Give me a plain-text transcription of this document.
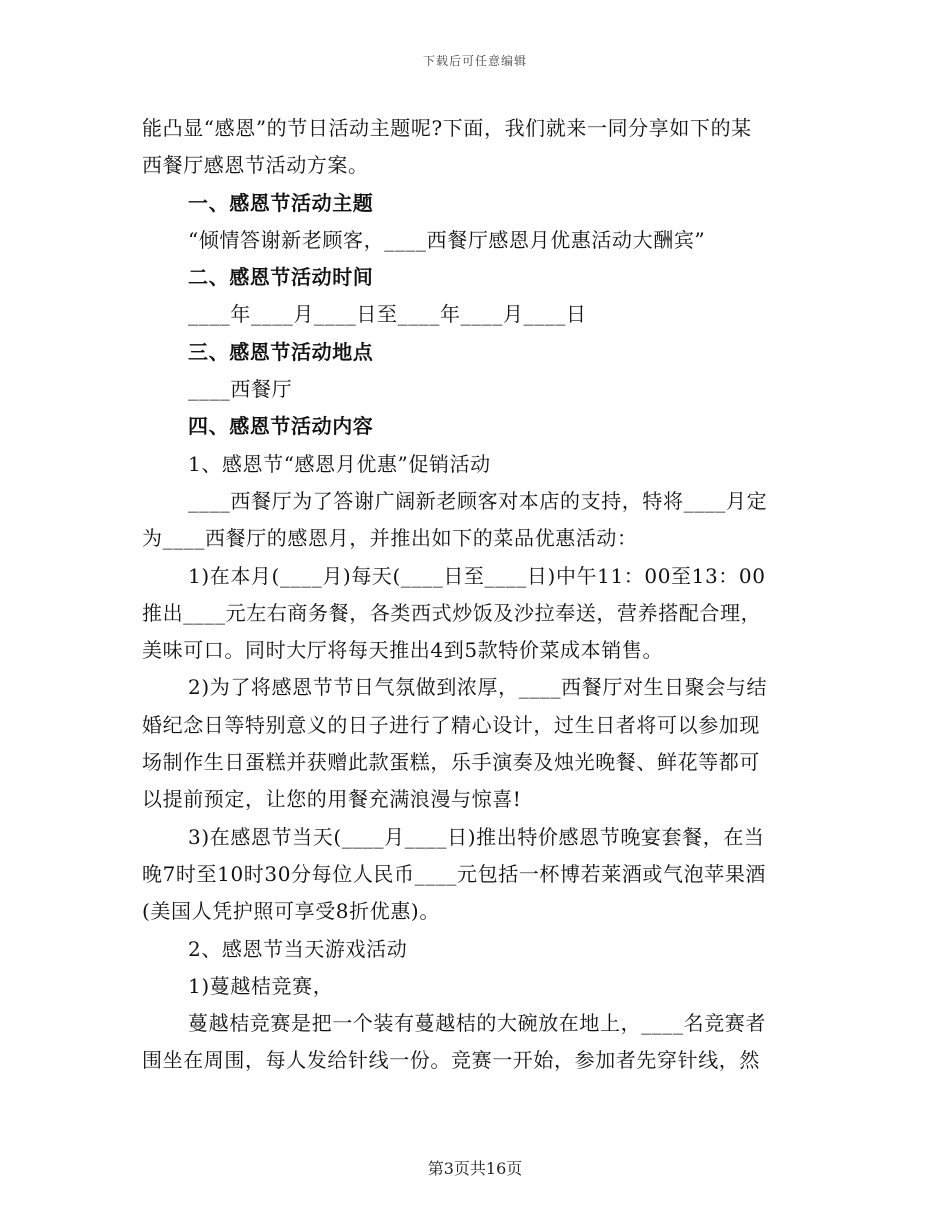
下载后可任意编辑
能凸显“感恩”的节日活动主题呢?下面，我们就来一同分享如下的某
西餐厅感恩节活动方案。
一、感恩节活动主题
“倾情答谢新老顾客，____西餐厅感恩月优惠活动大酬宾”
二、感恩节活动时间
____年____月____日至____年____月____日
三、感恩节活动地点
____西餐厅
四、感恩节活动内容
1、感恩节“感恩月优惠”促销活动
____西餐厅为了答谢广阔新老顾客对本店的支持，特将____月定
为____西餐厅的感恩月，并推出如下的菜品优惠活动：
1)在本月(____月)每天(____日至____日)中午11：00至13：00
推出____元左右商务餐，各类西式炒饭及沙拉奉送，营养搭配合理，
美味可口。同时大厅将每天推出4到5款特价菜成本销售。
2)为了将感恩节节日气氛做到浓厚，____西餐厅对生日聚会与结
婚纪念日等特别意义的日子进行了精心设计，过生日者将可以参加现
场制作生日蛋糕并获赠此款蛋糕，乐手演奏及烛光晚餐、鲜花等都可
以提前预定，让您的用餐充满浪漫与惊喜!
3)在感恩节当天(____月____日)推出特价感恩节晚宴套餐，在当
晚7时至10时30分每位人民币____元包括一杯博若莱酒或气泡苹果酒
(美国人凭护照可享受8折优惠)。
2、感恩节当天游戏活动
1)蔓越桔竞赛，
蔓越桔竞赛是把一个装有蔓越桔的大碗放在地上，____名竞赛者
围坐在周围，每人发给针线一份。竞赛一开始，参加者先穿针线，然
第3页共16页
